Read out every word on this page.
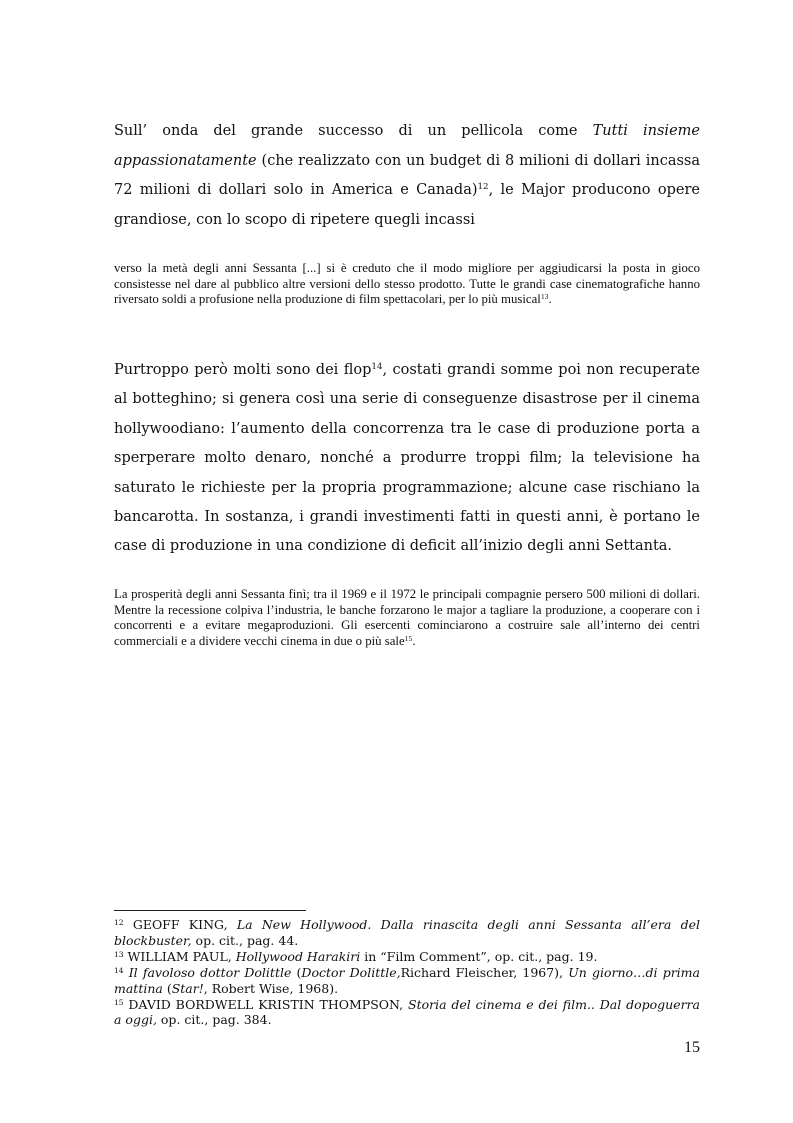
Sull’ onda del grande successo di un pellicola come Tutti insieme appassionatamente (che realizzato con un budget di 8 milioni di dollari incassa 72 milioni di dollari solo in America e Canada)$^{12}$, le Major producono opere grandiose, con lo scopo di ripetere quegli incassi

verso la metà degli anni Sessanta [...] si è creduto che il modo migliore per aggiudicarsi la posta in gioco consistesse nel dare al pubblico altre versioni dello stesso prodotto. Tutte le grandi case cinematografiche hanno riversato soldi a profusione nella produzione di film spettacolari, per lo più musical$^{13}$.

Purtroppo però molti sono dei flop$^{14}$, costati grandi somme poi non recuperate al botteghino; si genera così una serie di conseguenze disastrose per il cinema hollywoodiano: l’aumento della concorrenza tra le case di produzione porta a sperperare molto denaro, nonché a produrre troppi film; la televisione ha saturato le richieste per la propria programmazione; alcune case rischiano la bancarotta. In sostanza, i grandi investimenti fatti in questi anni, è portano le case di produzione in una condizione di deficit all’inizio degli anni Settanta.

La prosperità degli anni Sessanta finì; tra il 1969 e il 1972 le principali compagnie persero 500 milioni di dollari. Mentre la recessione colpiva l’industria, le banche forzarono le major a tagliare la produzione, a cooperare con i concorrenti e a evitare megaproduzioni. Gli esercenti cominciarono a costruire sale all’interno dei centri commerciali e a dividere vecchi cinema in due o più sale$^{15}$.

$^{12}$ GEOFF KING, La New Hollywood. Dalla rinascita degli anni Sessanta all’era del blockbuster, op. cit., pag. 44.

$^{13}$ WILLIAM PAUL, Hollywood Harakiri in “Film Comment”, op. cit., pag. 19.

$^{14}$ Il favoloso dottor Dolittle (Doctor Dolittle,Richard Fleischer, 1967), Un giorno…di prima mattina (Star!, Robert Wise, 1968).

$^{15}$ DAVID BORDWELL KRISTIN THOMPSON, Storia del cinema e dei film.. Dal dopoguerra a oggi, op. cit., pag. 384.

15
